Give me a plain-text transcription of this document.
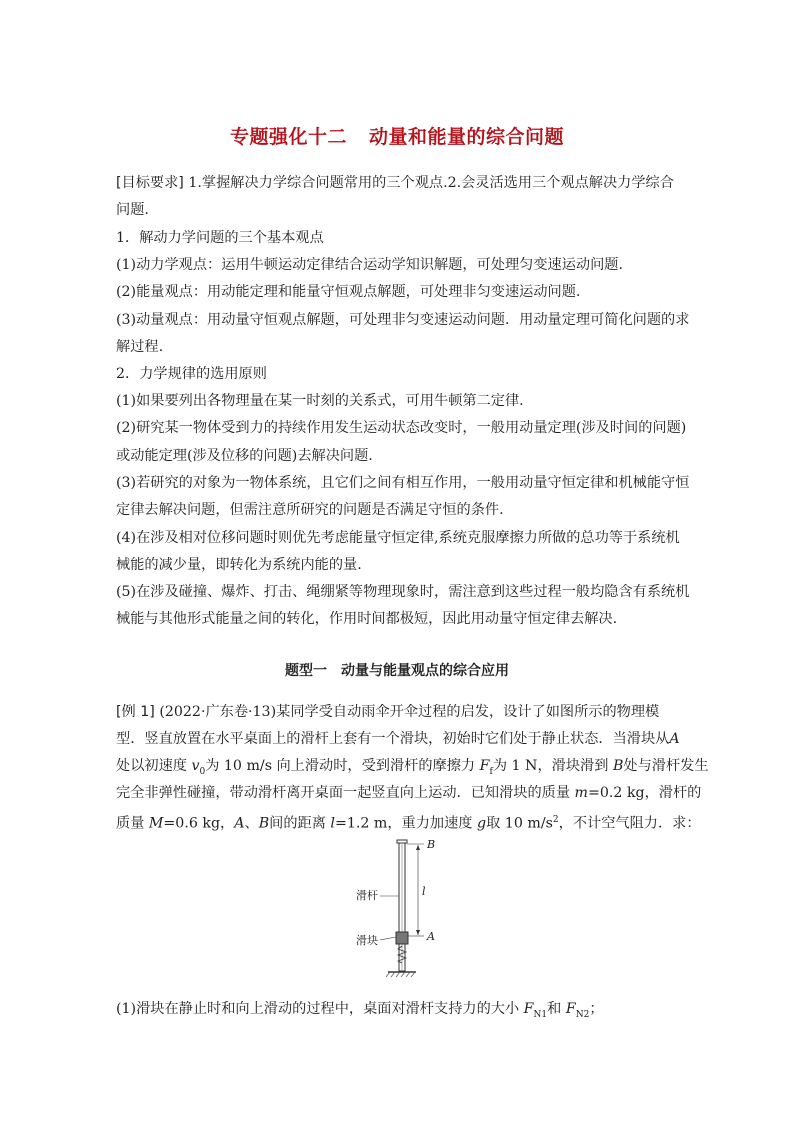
专题强化十二 动量和能量的综合问题
[目标要求] 1.掌握解决力学综合问题常用的三个观点.2.会灵活选用三个观点解决力学综合
问题.
1．解动力学问题的三个基本观点
(1)动力学观点：运用牛顿运动定律结合运动学知识解题，可处理匀变速运动问题.
(2)能量观点：用动能定理和能量守恒观点解题，可处理非匀变速运动问题.
(3)动量观点：用动量守恒观点解题，可处理非匀变速运动问题．用动量定理可简化问题的求
解过程.
2．力学规律的选用原则
(1)如果要列出各物理量在某一时刻的关系式，可用牛顿第二定律.
(2)研究某一物体受到力的持续作用发生运动状态改变时，一般用动量定理(涉及时间的问题)
或动能定理(涉及位移的问题)去解决问题.
(3)若研究的对象为一物体系统，且它们之间有相互作用，一般用动量守恒定律和机械能守恒
定律去解决问题，但需注意所研究的问题是否满足守恒的条件.
(4)在涉及相对位移问题时则优先考虑能量守恒定律,系统克服摩擦力所做的总功等于系统机
械能的减少量，即转化为系统内能的量.
(5)在涉及碰撞、爆炸、打击、绳绷紧等物理现象时，需注意到这些过程一般均隐含有系统机
械能与其他形式能量之间的转化，作用时间都极短，因此用动量守恒定律去解决.
题型一 动量与能量观点的综合应用
[例 1] (2022·广东卷·13)某同学受自动雨伞开伞过程的启发，设计了如图所示的物理模
型．竖直放置在水平桌面上的滑杆上套有一个滑块，初始时它们处于静止状态．当滑块从A
处以初速度 $v_0$为 10 m/s 向上滑动时，受到滑杆的摩擦力 $F_f$为 1 N，滑块滑到 B处与滑杆发生
完全非弹性碰撞，带动滑杆离开桌面一起竖直向上运动．已知滑块的质量 m=0.2 kg，滑杆的
质量 M=0.6 kg，A、B间的距离 l=1.2 m，重力加速度 g取 10 $m/s^2$，不计空气阻力．求：
滑杆
滑块
B
A
l
(1)滑块在静止时和向上滑动的过程中，桌面对滑杆支持力的大小 $F_{N1}$和 $F_{N2}$；
